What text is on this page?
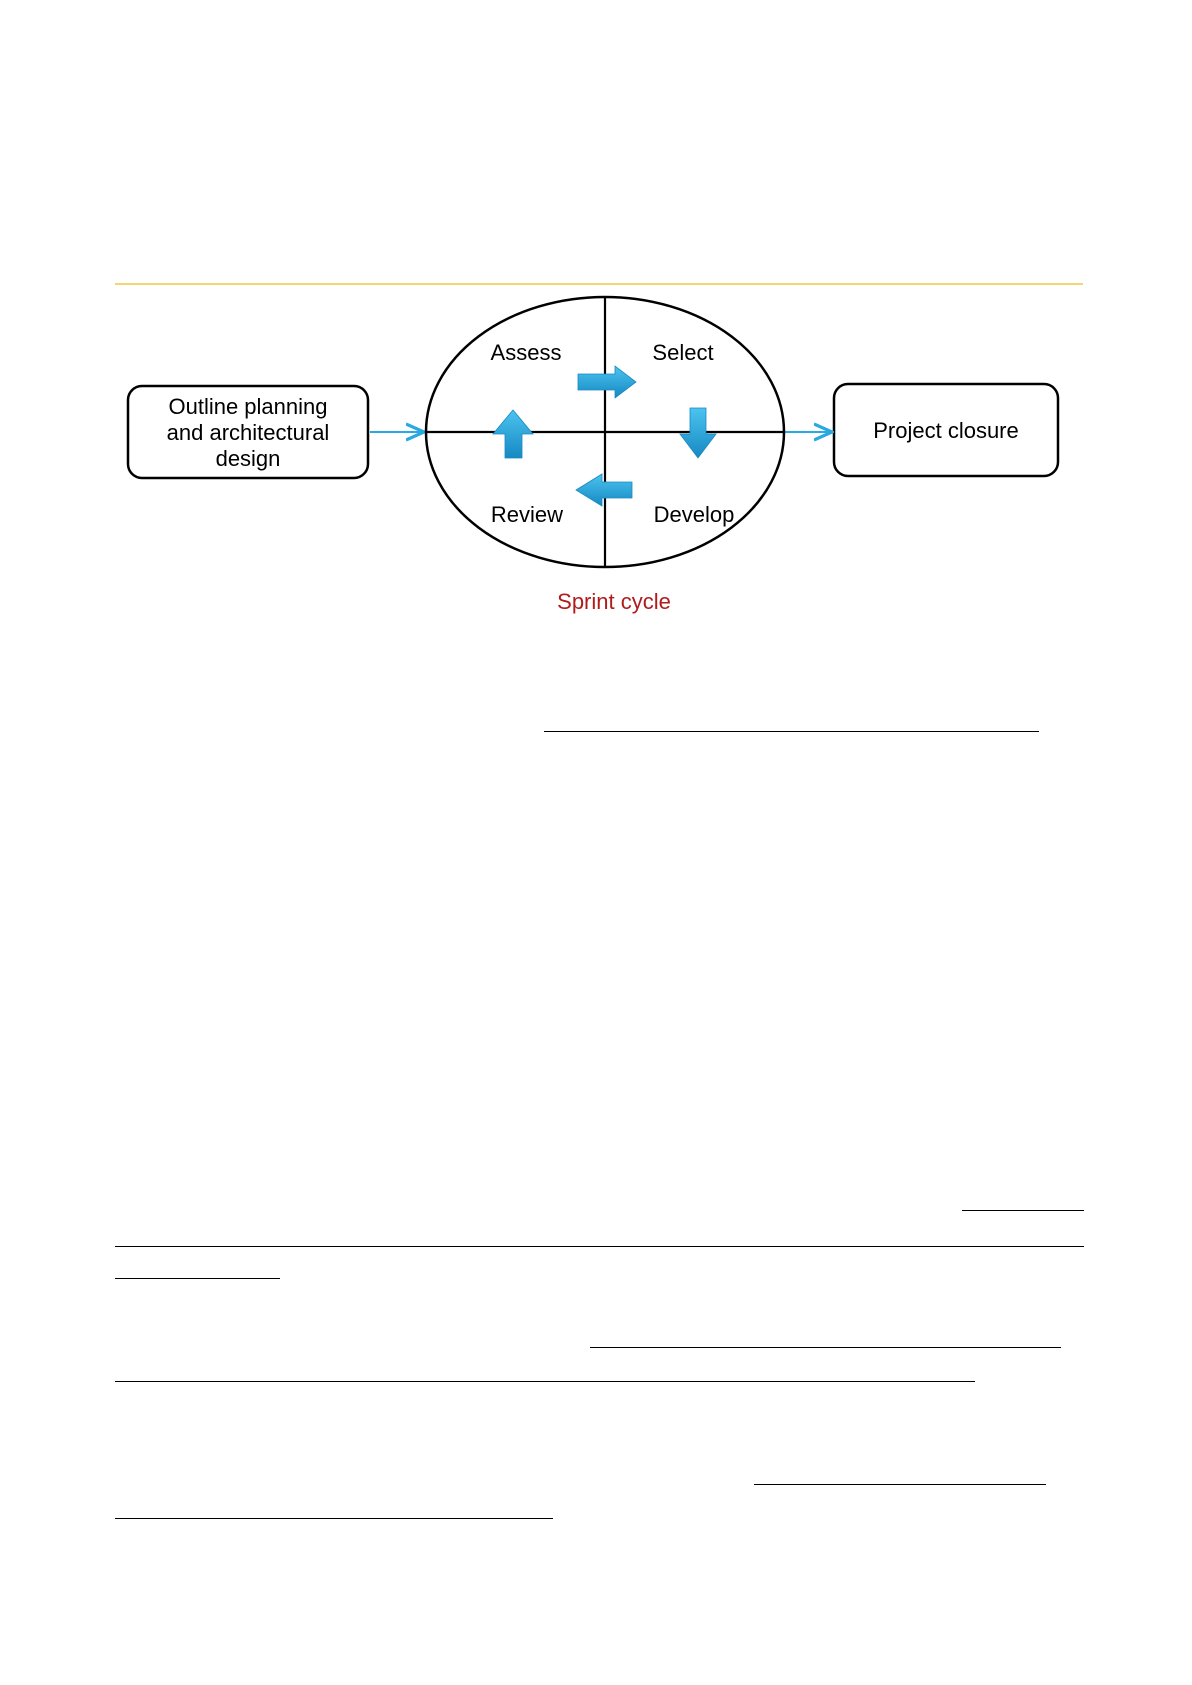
Outline planning
and architectural
design
Project closure
Assess	Select
Review	Develop
Sprint cycle
